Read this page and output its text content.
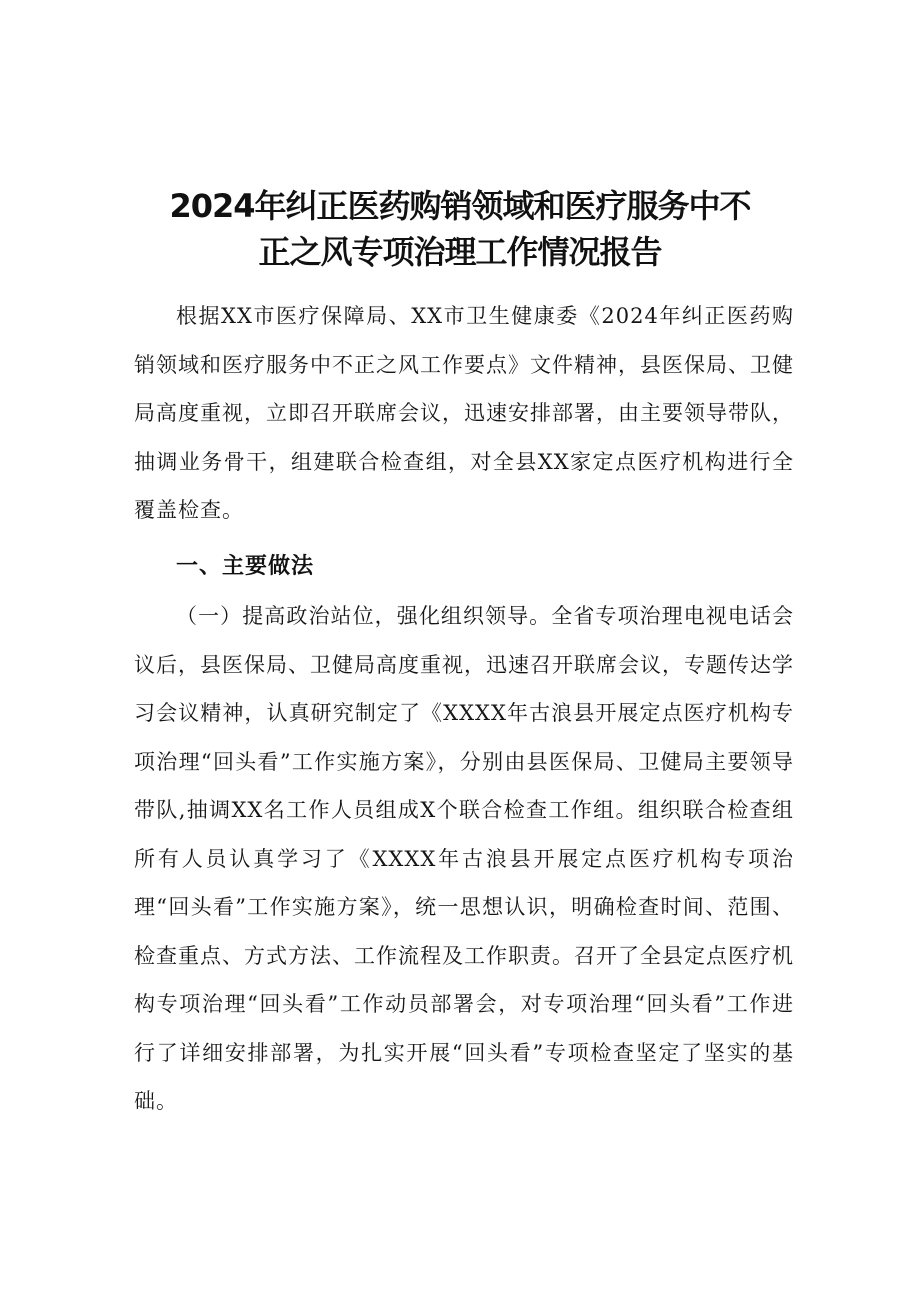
2024年纠正医药购销领域和医疗服务中不
正之风专项治理工作情况报告

根据XX市医疗保障局、XX市卫生健康委《2024年纠正医药购销领域和医疗服务中不正之风工作要点》文件精神，县医保局、卫健局高度重视，立即召开联席会议，迅速安排部署，由主要领导带队，抽调业务骨干，组建联合检查组，对全县XX家定点医疗机构进行全覆盖检查。

一、主要做法

（一）提高政治站位，强化组织领导。全省专项治理电视电话会议后，县医保局、卫健局高度重视，迅速召开联席会议，专题传达学习会议精神，认真研究制定了《XXXX年古浪县开展定点医疗机构专项治理“回头看”工作实施方案》，分别由县医保局、卫健局主要领导带队,抽调XX名工作人员组成X个联合检查工作组。组织联合检查组所有人员认真学习了《XXXX年古浪县开展定点医疗机构专项治理“回头看”工作实施方案》，统一思想认识，明确检查时间、范围、检查重点、方式方法、工作流程及工作职责。召开了全县定点医疗机构专项治理“回头看”工作动员部署会，对专项治理“回头看”工作进行了详细安排部署，为扎实开展“回头看”专项检查坚定了坚实的基础。
